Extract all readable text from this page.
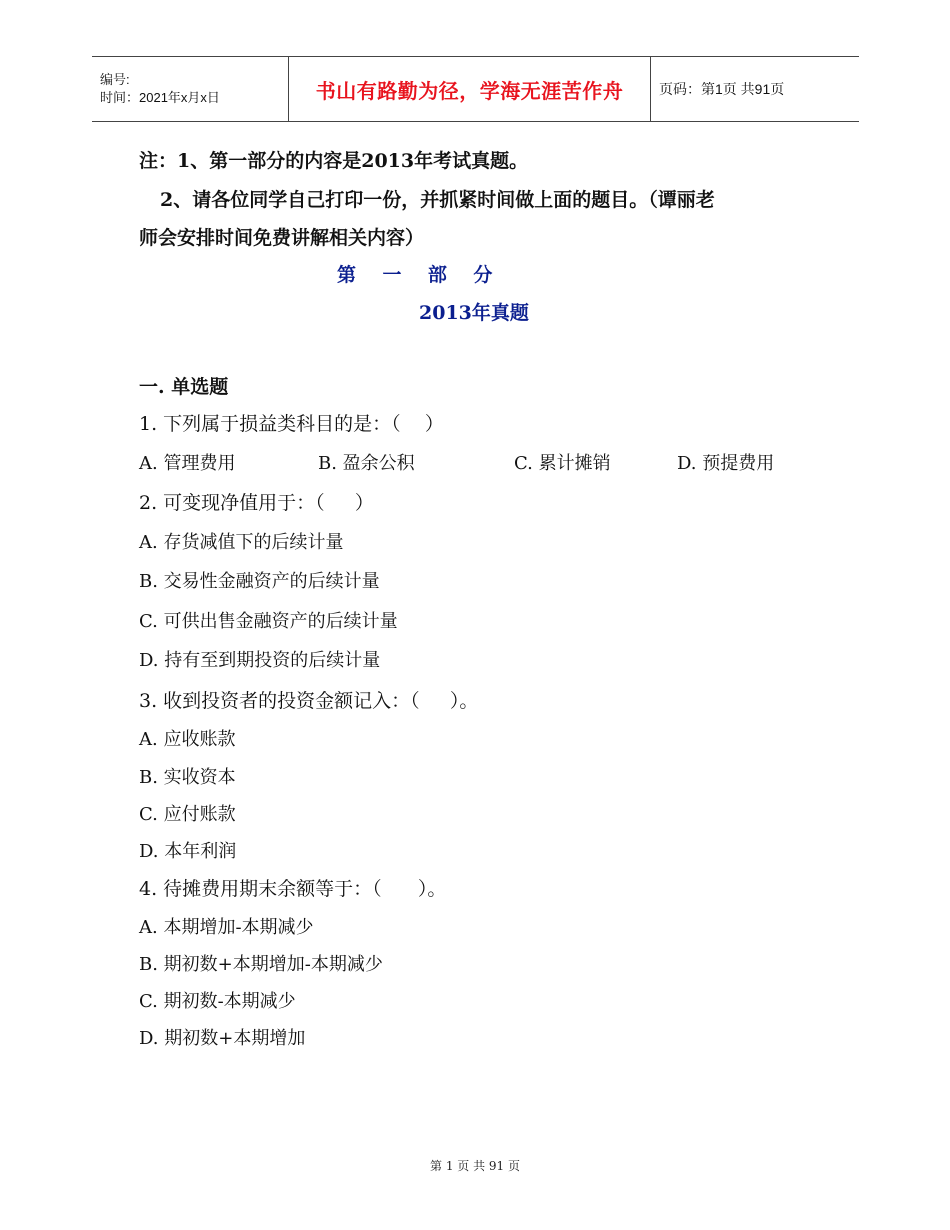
编号:
时间：2021年x月x日	书山有路勤为径，学海无涯苦作舟	页码：第1页 共91页
注：1、第一部分的内容是2013年考试真题。
2、请各位同学自己打印一份，并抓紧时间做上面的题目。（谭丽老
师会安排时间免费讲解相关内容）
第    一    部    分
2013年真题
一. 单选题
1. 下列属于损益类科目的是：（    ）
A. 管理费用	B. 盈余公积	C. 累计摊销	D. 预提费用
2. 可变现净值用于：（     ）
A. 存货减值下的后续计量
B. 交易性金融资产的后续计量
C. 可供出售金融资产的后续计量
D. 持有至到期投资的后续计量
3. 收到投资者的投资金额记入：（     ）。
A. 应收账款
B. 实收资本
C. 应付账款
D. 本年利润
4. 待摊费用期末余额等于：（      ）。
A. 本期增加-本期减少
B. 期初数+本期增加-本期减少
C. 期初数-本期减少
D. 期初数+本期增加
第 1 页 共 91 页
